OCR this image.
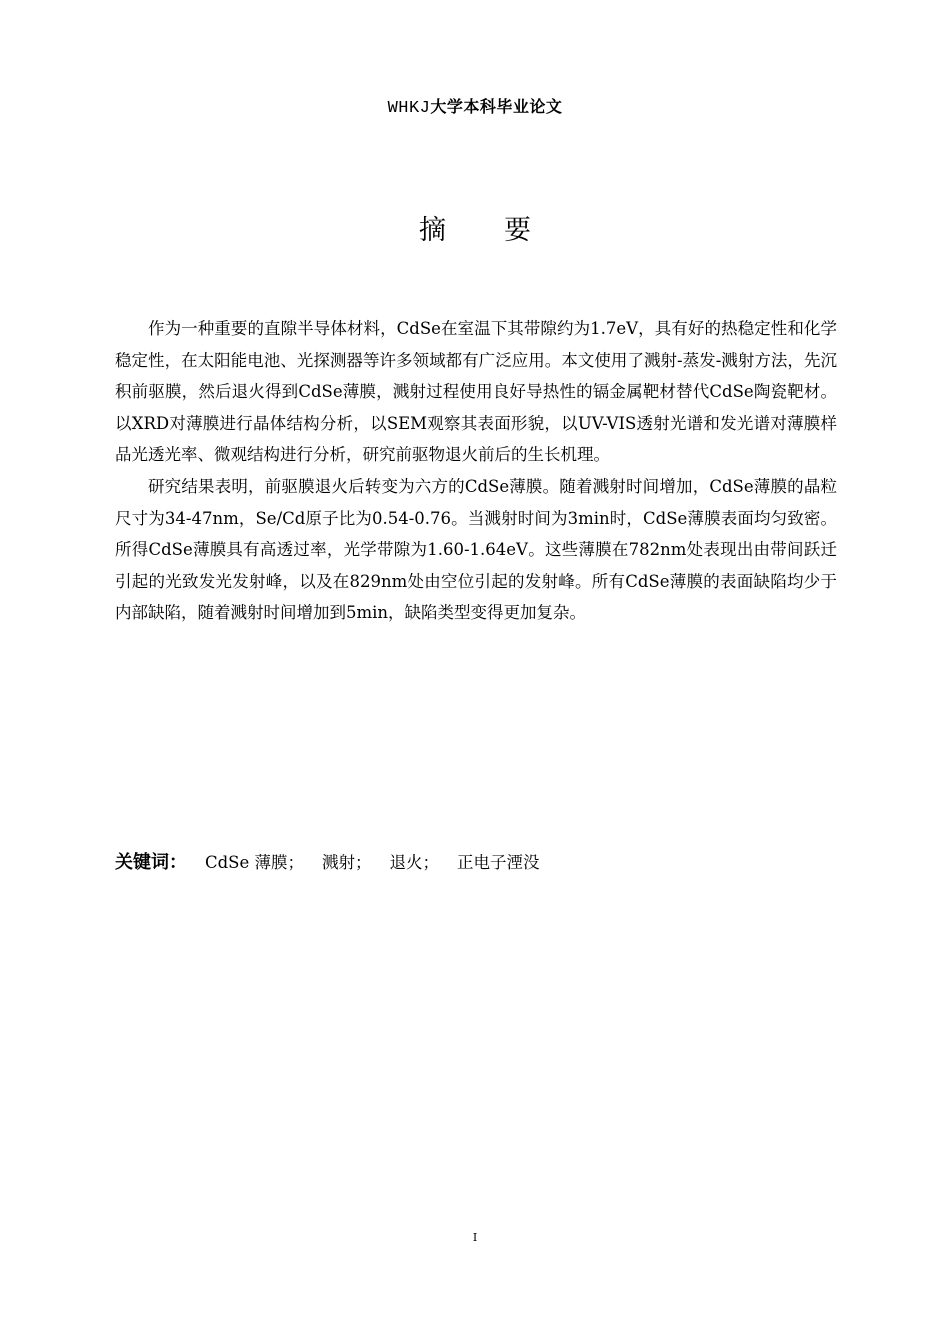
WHKJ大学本科毕业论文
摘要

作为一种重要的直隙半导体材料，CdSe在室温下其带隙约为1.7eV，具有好的热稳定性和化学稳定性，在太阳能电池、光探测器等许多领域都有广泛应用。本文使用了溅射-蒸发-溅射方法，先沉积前驱膜，然后退火得到CdSe薄膜，溅射过程使用良好导热性的镉金属靶材替代CdSe陶瓷靶材。以XRD对薄膜进行晶体结构分析，以SEM观察其表面形貌，以UV-VIS透射光谱和发光谱对薄膜样品光透光率、微观结构进行分析，研究前驱物退火前后的生长机理。

研究结果表明，前驱膜退火后转变为六方的CdSe薄膜。随着溅射时间增加，CdSe薄膜的晶粒尺寸为34-47nm，Se/Cd原子比为0.54-0.76。当溅射时间为3min时，CdSe薄膜表面均匀致密。所得CdSe薄膜具有高透过率，光学带隙为1.60-1.64eV。这些薄膜在782nm处表现出由带间跃迁引起的光致发光发射峰，以及在829nm处由空位引起的发射峰。所有CdSe薄膜的表面缺陷均少于内部缺陷，随着溅射时间增加到5min，缺陷类型变得更加复杂。

关键词： CdSe 薄膜； 溅射； 退火； 正电子湮没
I
